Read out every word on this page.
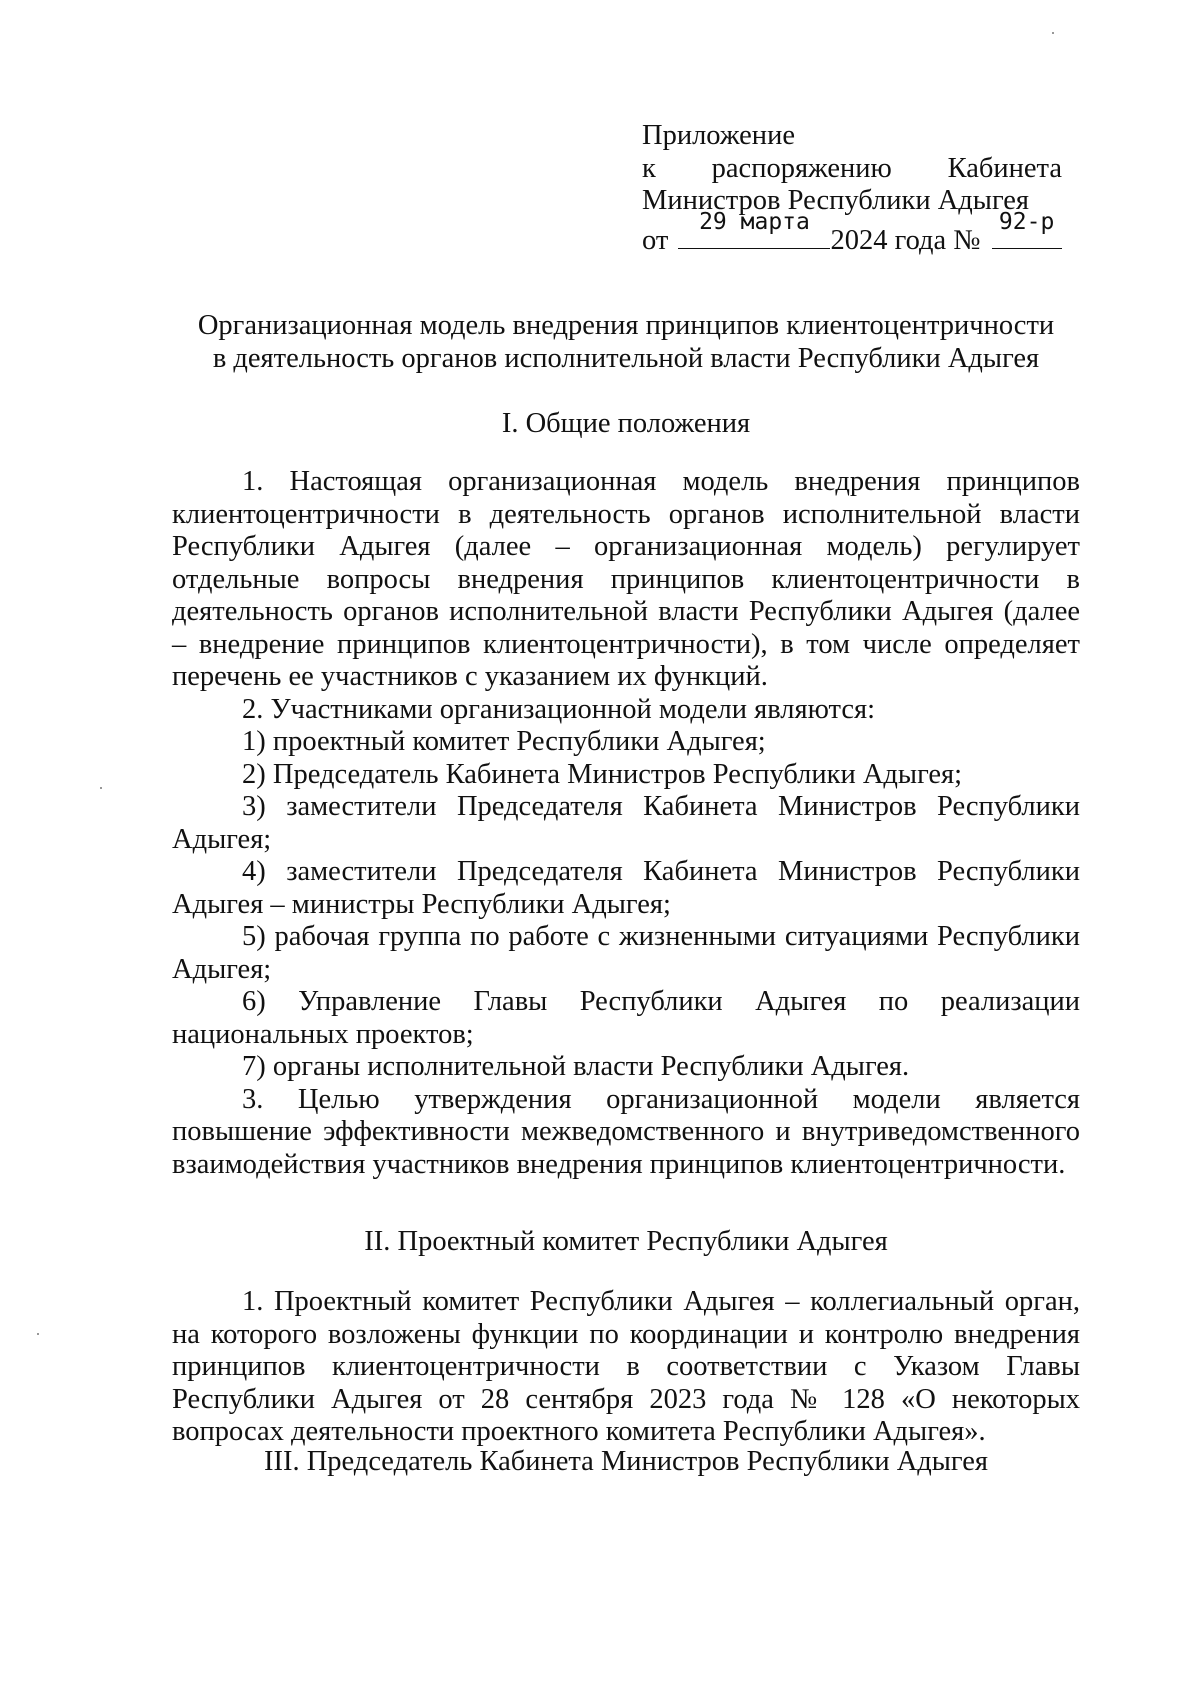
Приложение
к распоряжению Кабинета
Министров Республики Адыгея
от
29 марта
2024 года №
92-р
Организационная модель внедрения принципов клиентоцентричности
в деятельность органов исполнительной власти Республики Адыгея
I. Общие положения

1. Настоящая организационная модель внедрения принципов клиентоцентричности в деятельность органов исполнительной власти Республики Адыгея (далее – организационная модель) регулирует отдельные вопросы внедрения принципов клиентоцентричности в деятельность органов исполнительной власти Республики Адыгея (далее – внедрение принципов клиентоцентричности), в том числе определяет перечень ее участников с указанием их функций.

2. Участниками организационной модели являются:

1) проектный комитет Республики Адыгея;

2) Председатель Кабинета Министров Республики Адыгея;

3) заместители Председателя Кабинета Министров Республики Адыгея;

4) заместители Председателя Кабинета Министров Республики Адыгея – министры Республики Адыгея;

5) рабочая группа по работе с жизненными ситуациями Республики Адыгея;

6) Управление Главы Республики Адыгея по реализации национальных проектов;

7) органы исполнительной власти Республики Адыгея.

3. Целью утверждения организационной модели является повышение эффективности межведомственного и внутриведомственного взаимодействия участников внедрения принципов клиентоцентричности.

II. Проектный комитет Республики Адыгея

1. Проектный комитет Республики Адыгея – коллегиальный орган, на которого возложены функции по координации и контролю внедрения принципов клиентоцентричности в соответствии с Указом Главы Республики Адыгея от 28 сентября 2023 года № 128 «О некоторых вопросах деятельности проектного комитета Республики Адыгея».

III. Председатель Кабинета Министров Республики Адыгея
